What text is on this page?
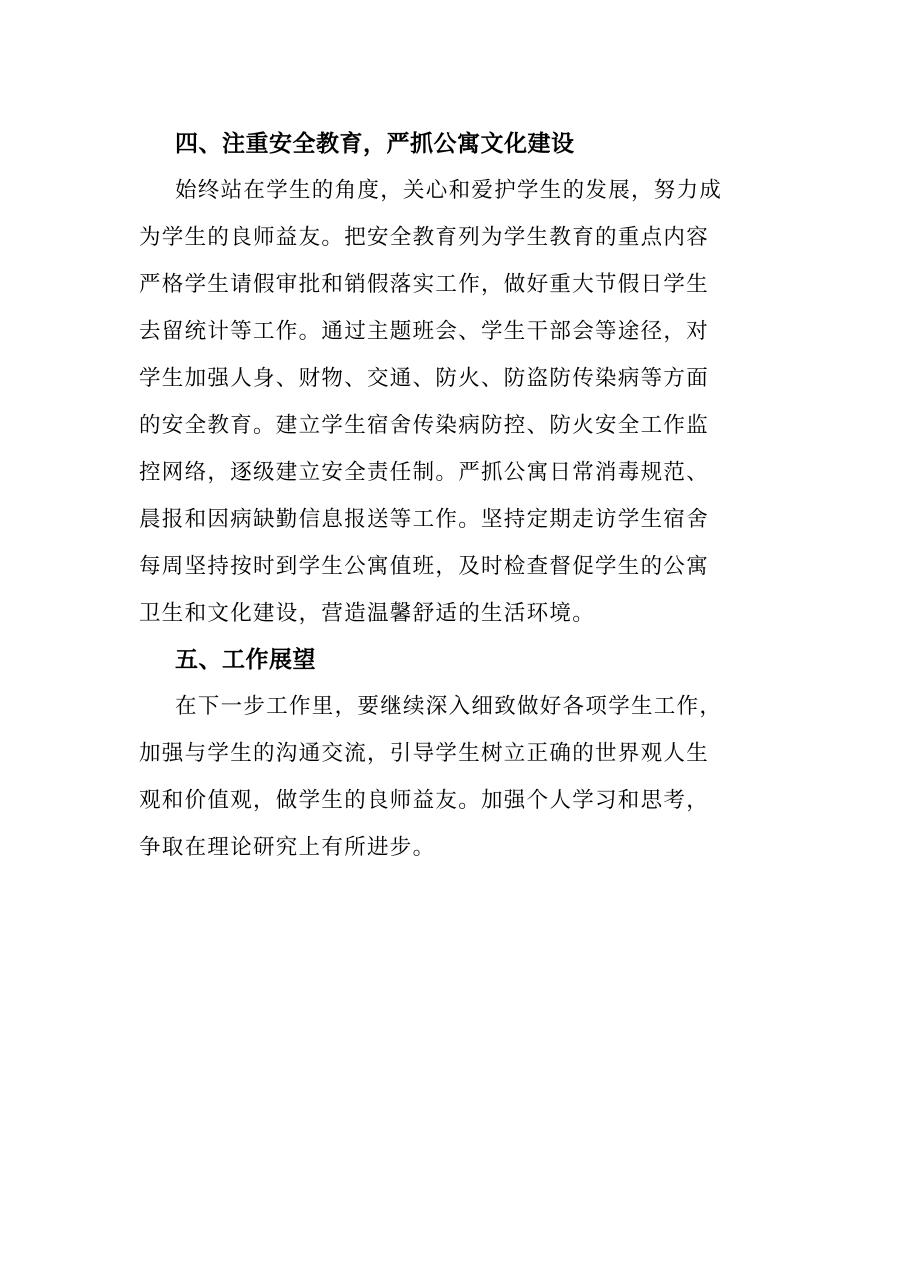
四、注重安全教育，严抓公寓文化建设

始终站在学生的角度，关心和爱护学生的发展，努力成
为学生的良师益友。把安全教育列为学生教育的重点内容
严格学生请假审批和销假落实工作，做好重大节假日学生
去留统计等工作。通过主题班会、学生干部会等途径，对
学生加强人身、财物、交通、防火、防盗防传染病等方面
的安全教育。建立学生宿舍传染病防控、防火安全工作监
控网络，逐级建立安全责任制。严抓公寓日常消毒规范、
晨报和因病缺勤信息报送等工作。坚持定期走访学生宿舍
每周坚持按时到学生公寓值班，及时检查督促学生的公寓
卫生和文化建设，营造温馨舒适的生活环境。

五、工作展望

在下一步工作里，要继续深入细致做好各项学生工作，
加强与学生的沟通交流，引导学生树立正确的世界观人生
观和价值观，做学生的良师益友。加强个人学习和思考，
争取在理论研究上有所进步。
